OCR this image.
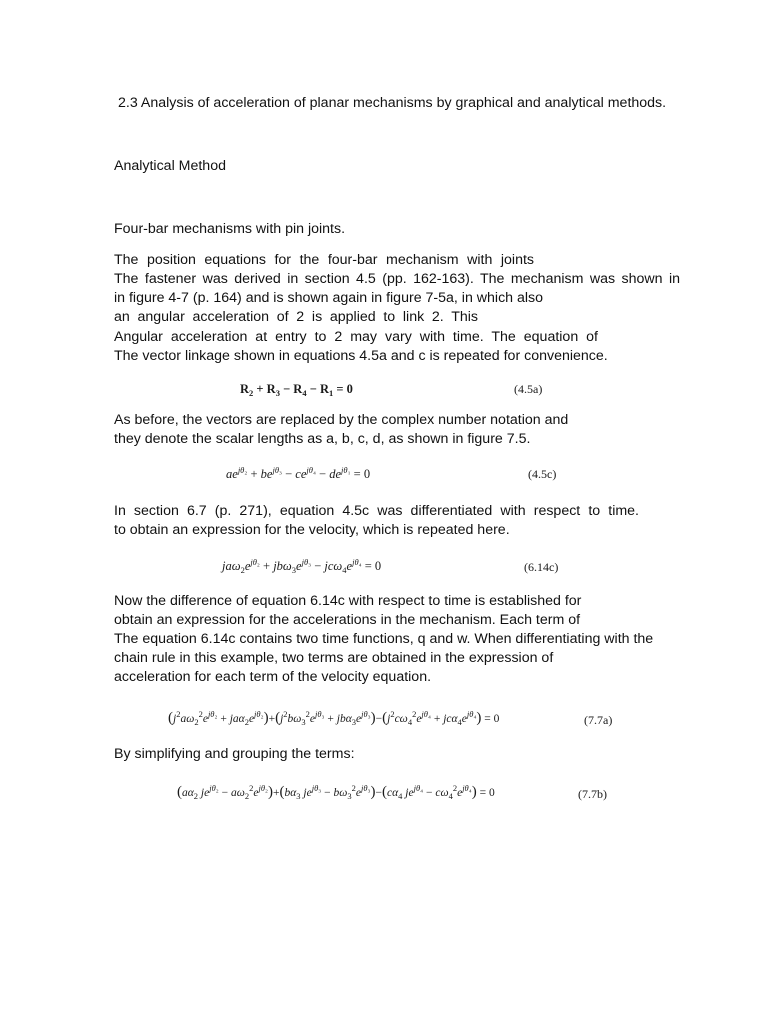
2.3 Analysis of acceleration of planar mechanisms by graphical and analytical methods.
Analytical Method
Four-bar mechanisms with pin joints.
The position equations for the four-bar mechanism with joints
The fastener was derived in section 4.5 (pp. 162-163). The mechanism was shown in
in figure 4-7 (p. 164) and is shown again in figure 7-5a, in which also
an angular acceleration of 2 is applied to link 2. This
Angular acceleration at entry to 2 may vary with time. The equation of
The vector linkage shown in equations 4.5a and c is repeated for convenience.
$R_2 + R_3 - R_4 - R_1 = 0$	(4.5a)
As before, the vectors are replaced by the complex number notation and
they denote the scalar lengths as a, b, c, d, as shown in figure 7.5.
$ae^{j\theta_2} + be^{j\theta_3} - ce^{j\theta_4} - de^{j\theta_1} = 0$	(4.5c)
In section 6.7 (p. 271), equation 4.5c was differentiated with respect to time.
to obtain an expression for the velocity, which is repeated here.
$ja\omega_2e^{j\theta_2} + jb\omega_3e^{j\theta_3} - jc\omega_4e^{j\theta_4} = 0$	(6.14c)
Now the difference of equation 6.14c with respect to time is established for
obtain an expression for the accelerations in the mechanism. Each term of
The equation 6.14c contains two time functions, q and w. When differentiating with the
chain rule in this example, two terms are obtained in the expression of
acceleration for each term of the velocity equation.
$(j^2a\omega_2^2e^{j\theta_2} + ja\alpha_2e^{j\theta_2})+(j^2b\omega_3^2e^{j\theta_3} + jb\alpha_3e^{j\theta_3})-(j^2c\omega_4^2e^{j\theta_4} + jc\alpha_4e^{j\theta_4}) = 0$	(7.7a)
By simplifying and grouping the terms:
($a\alpha_2$ $je^{j\theta_2} - a\omega_2^2e^{j\theta_2})+(b\alpha_3$ $je^{j\theta_3} - b\omega_3^2e^{j\theta_3})-(c\alpha_4$ $je^{j\theta_4} - c\omega_4^2e^{j\theta_4}) = 0$	(7.7b)
